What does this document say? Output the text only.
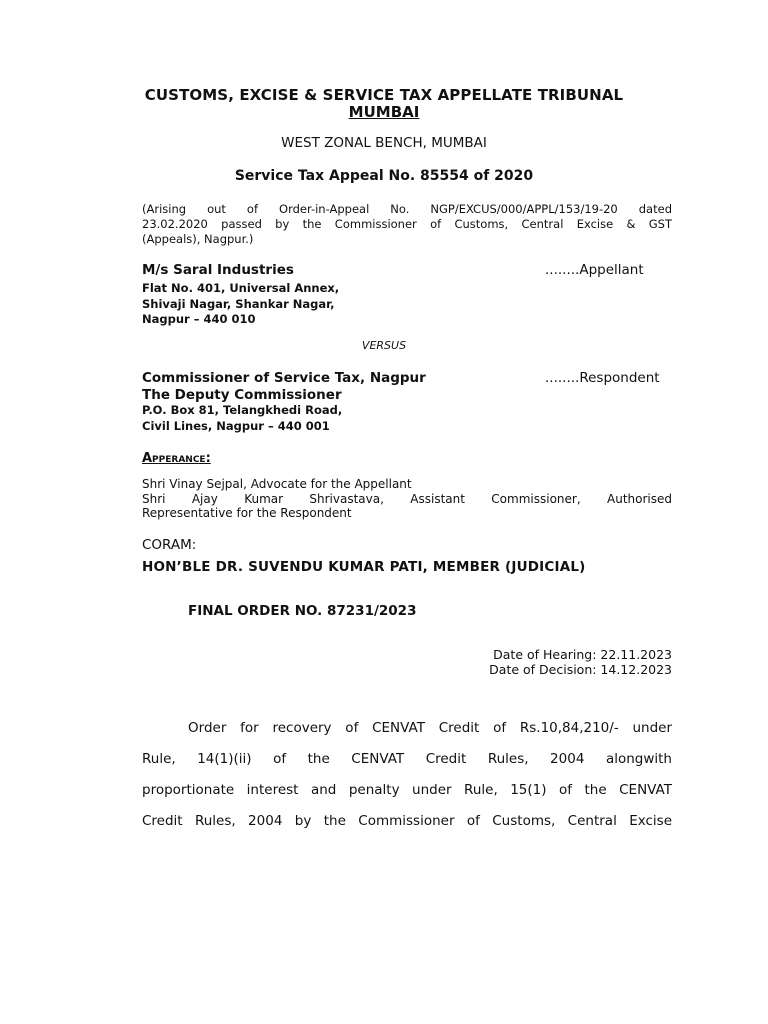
CUSTOMS, EXCISE & SERVICE TAX APPELLATE TRIBUNAL
MUMBAI
WEST ZONAL BENCH, MUMBAI
Service Tax Appeal No. 85554 of 2020
(Arising out of Order-in-Appeal No. NGP/EXCUS/000/APPL/153/19-20 dated
23.02.2020 passed by the Commissioner of Customs, Central Excise & GST
(Appeals), Nagpur.)
M/s Saral Industries	........Appellant
Flat No. 401, Universal Annex,
Shivaji Nagar, Shankar Nagar,
Nagpur – 440 010
VERSUS
Commissioner of Service Tax, Nagpur	........Respondent
The Deputy Commissioner
P.O. Box 81, Telangkhedi Road,
Civil Lines, Nagpur – 440 001
Apperance:
Shri Vinay Sejpal, Advocate for the Appellant
Shri Ajay Kumar Shrivastava, Assistant Commissioner, Authorised
Representative for the Respondent
CORAM:
HON’BLE DR. SUVENDU KUMAR PATI, MEMBER (JUDICIAL)
FINAL ORDER NO. 87231/2023
Date of Hearing: 22.11.2023
Date of Decision: 14.12.2023
Order for recovery of CENVAT Credit of Rs.10,84,210/- under
Rule, 14(1)(ii) of the CENVAT Credit Rules, 2004 alongwith
proportionate interest and penalty under Rule, 15(1) of the CENVAT
Credit Rules, 2004 by the Commissioner of Customs, Central Excise
